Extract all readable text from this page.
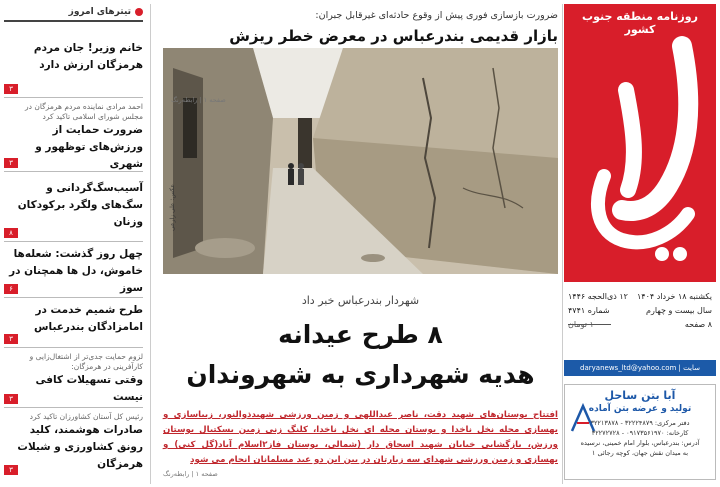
روزنامه منطقه جنوب کشور
یکشنبه ۱۸ خرداد ۱۴۰۴
۱۲ ذی‌الحجه ۱۴۴۶
سال بیست و چهارم
شماره ۴۷۴۱
۸ صفحه
۱۰۰۰۰ تومان
daryanews_ltd@yahoo.com | سایت الکترونیکی
آبا بتن ساحل
تولید و عرضه بتن آماده
دفتر مرکزی: ۳۲۲۲۴۸۷۹ - ۳۲۲۱۳۸۷۸
کارخانه: ۰۹۱۷۳۵۶۱۹۷۰ - ۳۲۲۷۲۷۲۸
آدرس: بندرعباس، بلوار امام خمینی، نرسیده
به میدان نقش جهان، کوچه رجائی ۱
ضرورت بازسازی فوری پیش از وقوع حادثه‌ای غیرقابل جبران:
بازار قدیمی بندرعباس در معرض خطر ریزش
صفحه ۱ | رابطه‌رنگ
عکس: علی زارعی
شهردار بندرعباس خبر داد
۸ طرح عیدانه
هدیه شهرداری به شهروندان
افتتاح بوستان‌های شهید دقت، ناصر عبداللهی و زمین ورزشی شهیدذوالنور، زیباسازی و بهسازی محله نخل ناخدا و بوستان محله ای نخل ناخدا، کلنگ زنی زمین بسکتبال بوستان ورزش، بازگشایی خیابان شهید اسحاق دار (شمالی، بوستان فاز۲اسلام آباد(گل کنی) و بهسازی و زمین ورزشی شهدای سه زیارتان در بین این دو عید مسلمانان انجام می شود
صفحه ۱ | رابطه‌رنگ
تیترهای امروز
خانم وزیر! جان مردم هرمزگان ارزش دارد
۳
احمد مرادی نماینده مردم هرمزگان در مجلس شورای اسلامی تاکید کرد
ضرورت حمایت از ورزش‌های توظهور و شهری
۳
آسیب‌سگ‌گردانی و سگ‌های ولگرد برکودکان وزنان
۸
چهل روز گذشت: شعله‌ها خاموش، دل ها همچنان در سوز
۶
طرح شمیم خدمت در امامزادگان بندرعباس
۳
لزوم حمایت جدی‌تر از اشتغال‌زایی و کارآفرینی در هرمزگان:
وقتی تسهیلات کافی نیست
۳
رئیس کل آستان کشاورزان تاکید کرد
صادرات هوشمند، کلید رونق کشاورزی و شیلات هرمزگان
۳
